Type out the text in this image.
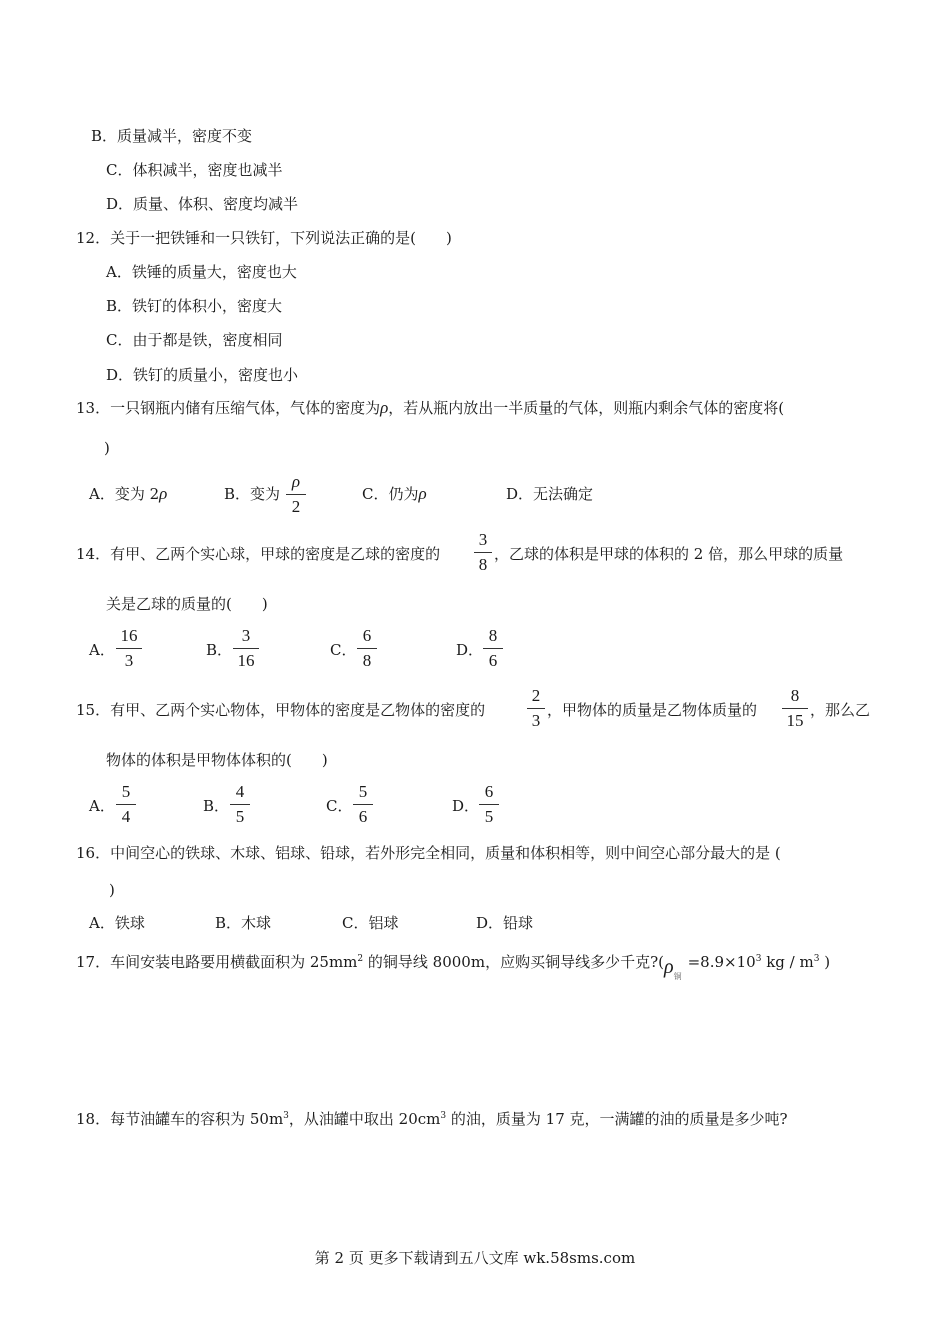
B．质量减半，密度不变
C．体积减半，密度也减半
D．质量、体积、密度均减半
12．关于一把铁锤和一只铁钉，下列说法正确的是(　　)
A．铁锤的质量大，密度也大
B．铁钉的体积小，密度大
C．由于都是铁，密度相同
D．铁钉的质量小，密度也小
13．一只钢瓶内储有压缩气体，气体的密度为ρ，若从瓶内放出一半质量的气体，则瓶内剩余气体的密度将(
)
A．变为 2ρ	B．变为
ρ
2
C．仍为ρ	D．无法确定
14．有甲、乙两个实心球，甲球的密度是乙球的密度的
3
8
，乙球的体积是甲球的体积的 2 倍，那么甲球的质量
关是乙球的质量的(　　)
A．
16
3
B．
3
16
C．
6
8
D．
8
6
15．有甲、乙两个实心物体，甲物体的密度是乙物体的密度的
2
3
，甲物体的质量是乙物体质量的
8
15
，那么乙
物体的体积是甲物体体积的(　　)
A．
5
4
B．
4
5
C．
5
6
D．
6
5
16．中间空心的铁球、木球、铝球、铅球，若外形完全相同，质量和体积相等，则中间空心部分最大的是 (
)
A．铁球	B．木球	C．铝球	D．铅球
17．车间安装电路要用横截面积为 $25mm^2$ 的铜导线 8000m，应购买铜导线多少千克$?(\rho_铜=8.9\times 10^3$ kg / $m^3$ )
18．每节油罐车的容积为 $50m^3$，从油罐中取出 $20cm^3$ 的油，质量为 17 克，一满罐的油的质量是多少吨?
第 2 页 更多下载请到五八文库 wk.58sms.com
